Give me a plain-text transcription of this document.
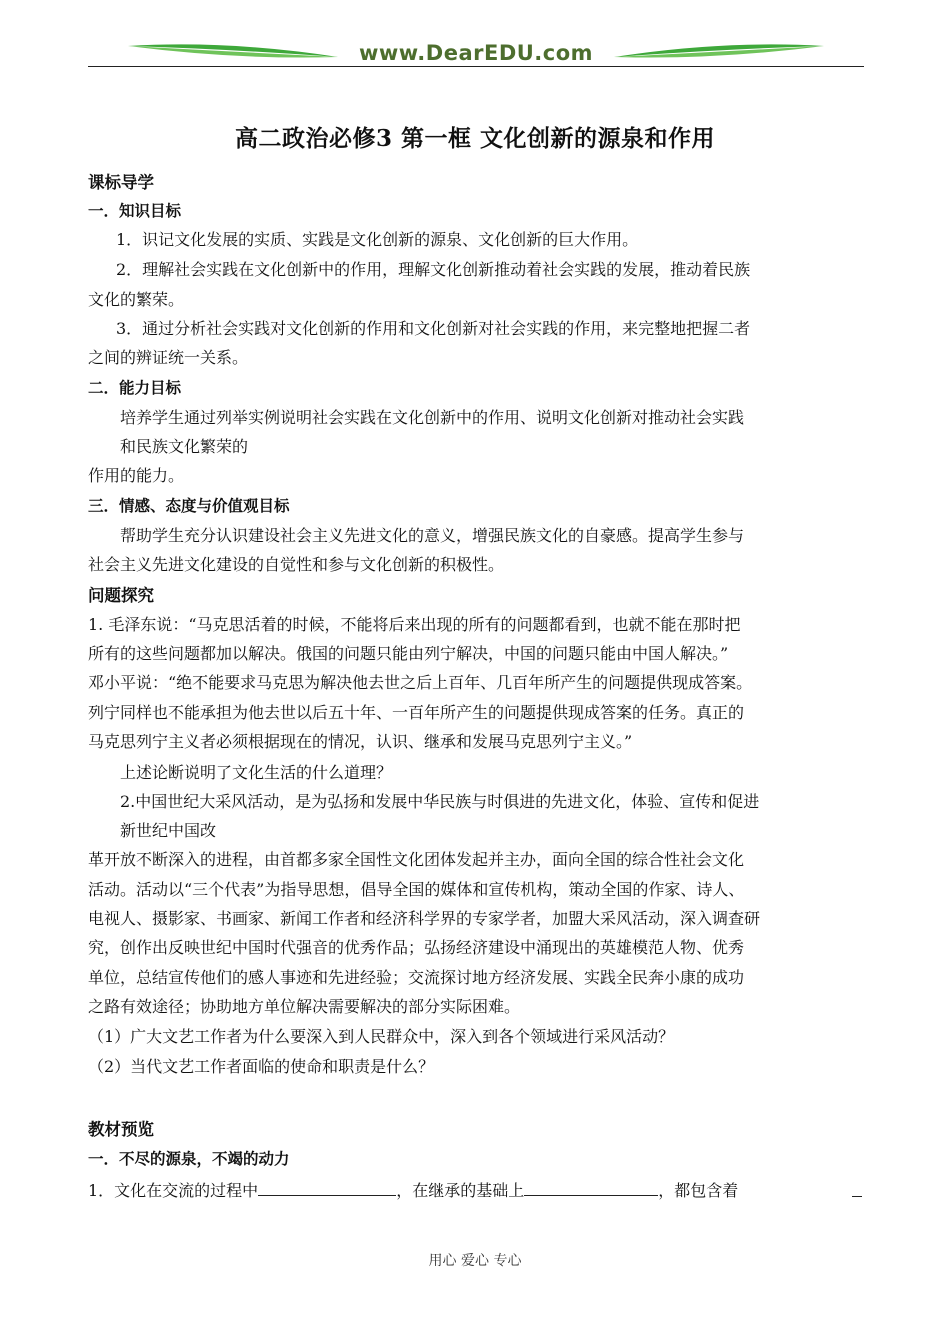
www.DearEDU.com
高二政治必修3 第一框 文化创新的源泉和作用
课标导学
一．知识目标
1．识记文化发展的实质、实践是文化创新的源泉、文化创新的巨大作用。
2．理解社会实践在文化创新中的作用，理解文化创新推动着社会实践的发展，推动着民族
文化的繁荣。
3．通过分析社会实践对文化创新的作用和文化创新对社会实践的作用，来完整地把握二者
之间的辨证统一关系。
二．能力目标
培养学生通过列举实例说明社会实践在文化创新中的作用、说明文化创新对推动社会实践
和民族文化繁荣的
作用的能力。
三．情感、态度与价值观目标
帮助学生充分认识建设社会主义先进文化的意义，增强民族文化的自豪感。提高学生参与
社会主义先进文化建设的自觉性和参与文化创新的积极性。
问题探究
1. 毛泽东说：“马克思活着的时候，不能将后来出现的所有的问题都看到，也就不能在那时把
所有的这些问题都加以解决。俄国的问题只能由列宁解决，中国的问题只能由中国人解决。”
邓小平说：“绝不能要求马克思为解决他去世之后上百年、几百年所产生的问题提供现成答案。
列宁同样也不能承担为他去世以后五十年、一百年所产生的问题提供现成答案的任务。真正的
马克思列宁主义者必须根据现在的情况，认识、继承和发展马克思列宁主义。”
上述论断说明了文化生活的什么道理？
2.中国世纪大采风活动，是为弘扬和发展中华民族与时俱进的先进文化，体验、宣传和促进
新世纪中国改
革开放不断深入的进程，由首都多家全国性文化团体发起并主办，面向全国的综合性社会文化
活动。活动以“三个代表”为指导思想，倡导全国的媒体和宣传机构，策动全国的作家、诗人、
电视人、摄影家、书画家、新闻工作者和经济科学界的专家学者，加盟大采风活动，深入调查研
究，创作出反映世纪中国时代强音的优秀作品；弘扬经济建设中涌现出的英雄模范人物、优秀
单位，总结宣传他们的感人事迹和先进经验；交流探讨地方经济发展、实践全民奔小康的成功
之路有效途径；协助地方单位解决需要解决的部分实际困难。
（1）广大文艺工作者为什么要深入到人民群众中，深入到各个领域进行采风活动？
（2）当代文艺工作者面临的使命和职责是什么？
教材预览
一．不尽的源泉，不竭的动力
1．文化在交流的过程中	，在继承的基础上	，都包含着
用心 爱心 专心
